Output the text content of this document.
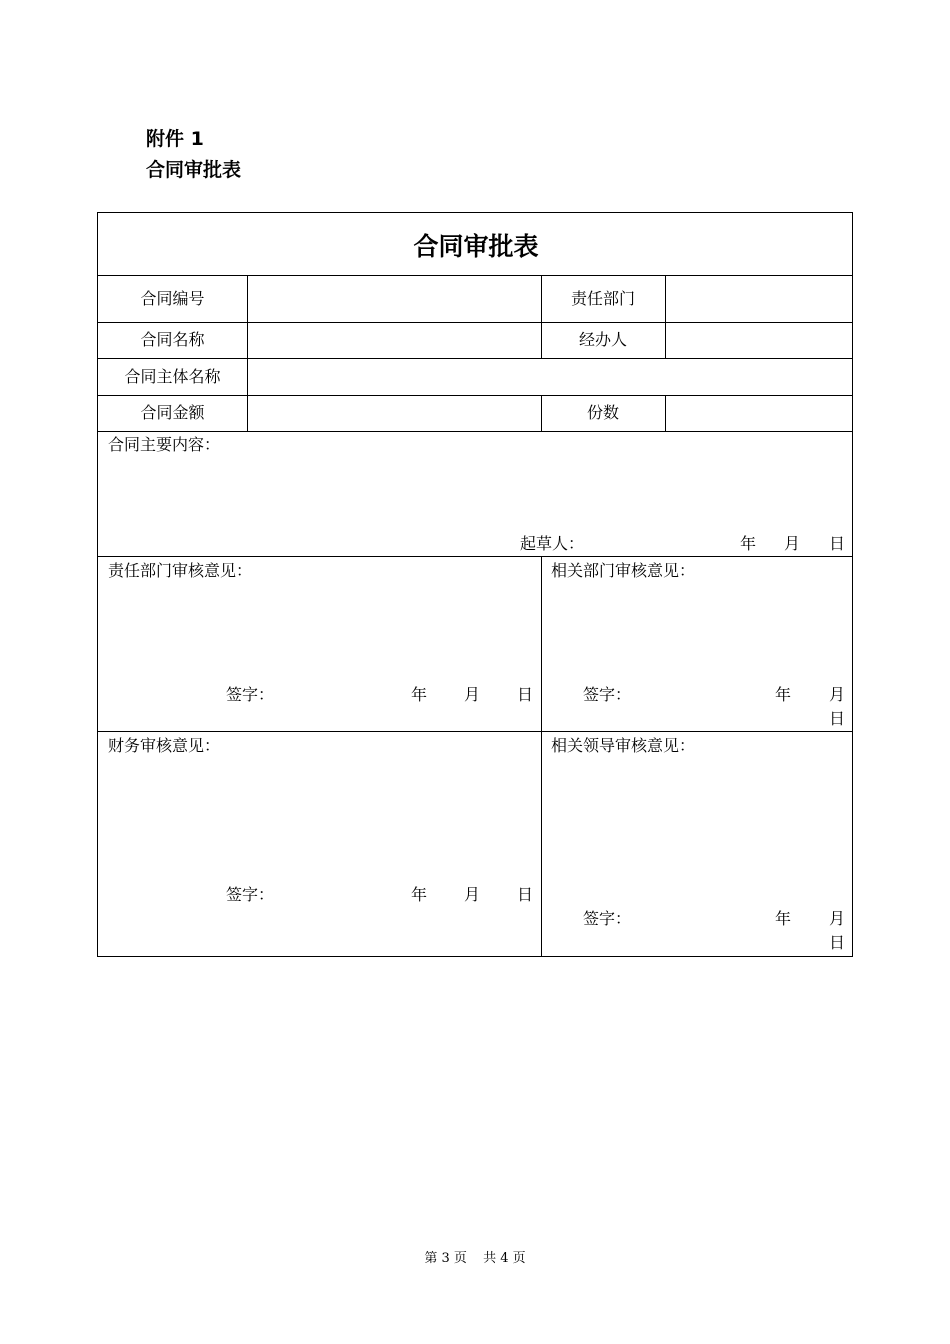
附件 1
合同审批表
合同审批表
合同编号	责任部门
合同名称	经办人
合同主体名称
合同金额	份数
合同主要内容：
起草人：	年 月 日
责任部门审核意见：
签字：	年 月 日
相关部门审核意见：
签字：	年 月
日
财务审核意见：
签字：	年 月 日
相关领导审核意见：
签字：	年 月
日
第 3 页 共 4 页
